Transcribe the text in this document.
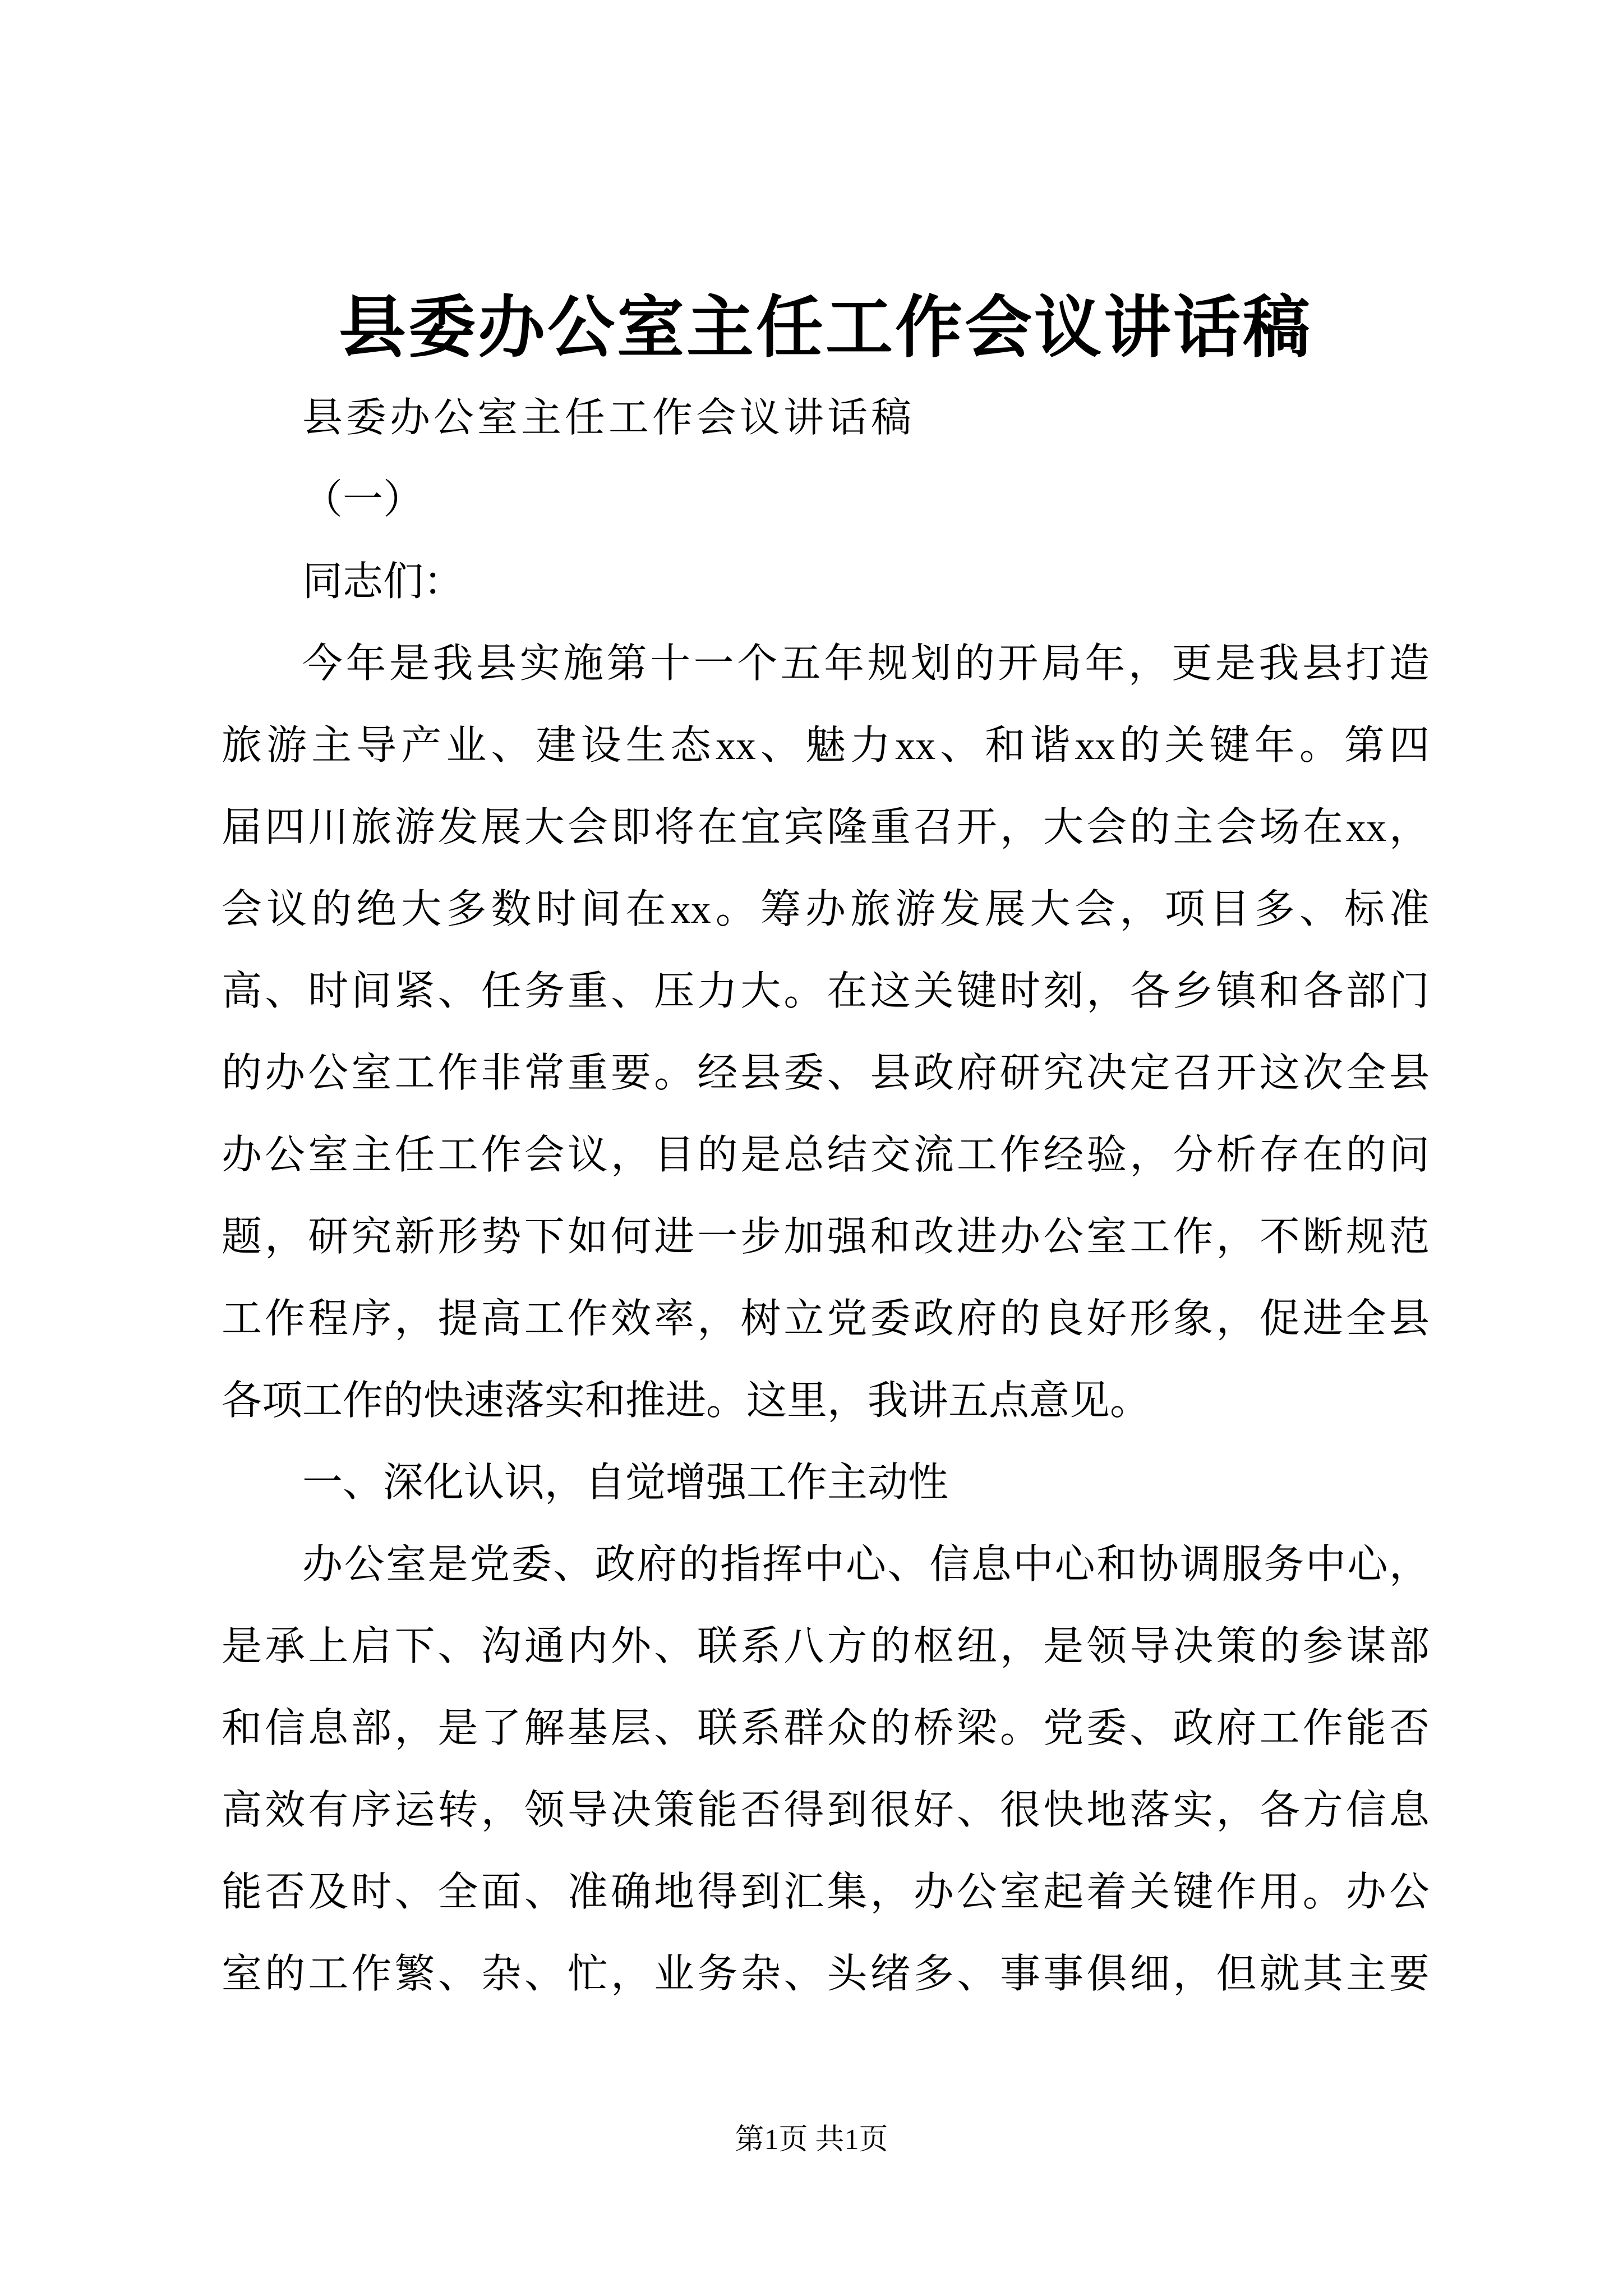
县委办公室主任工作会议讲话稿
县委办公室主任工作会议讲话稿
（一）
同志们：
今年是我县实施第十一个五年规划的开局年，更是我县打造
旅游主导产业、建设生态xx、魅力xx、和谐xx的关键年。第四
届四川旅游发展大会即将在宜宾隆重召开，大会的主会场在xx，
会议的绝大多数时间在xx。筹办旅游发展大会，项目多、标准
高、时间紧、任务重、压力大。在这关键时刻，各乡镇和各部门
的办公室工作非常重要。经县委、县政府研究决定召开这次全县
办公室主任工作会议，目的是总结交流工作经验，分析存在的问
题，研究新形势下如何进一步加强和改进办公室工作，不断规范
工作程序，提高工作效率，树立党委政府的良好形象，促进全县
各项工作的快速落实和推进。这里，我讲五点意见。
一、深化认识，自觉增强工作主动性
办公室是党委、政府的指挥中心、信息中心和协调服务中心，
是承上启下、沟通内外、联系八方的枢纽，是领导决策的参谋部
和信息部，是了解基层、联系群众的桥梁。党委、政府工作能否
高效有序运转，领导决策能否得到很好、很快地落实，各方信息
能否及时、全面、准确地得到汇集，办公室起着关键作用。办公
室的工作繁、杂、忙，业务杂、头绪多、事事俱细，但就其主要
第1页 共1页
